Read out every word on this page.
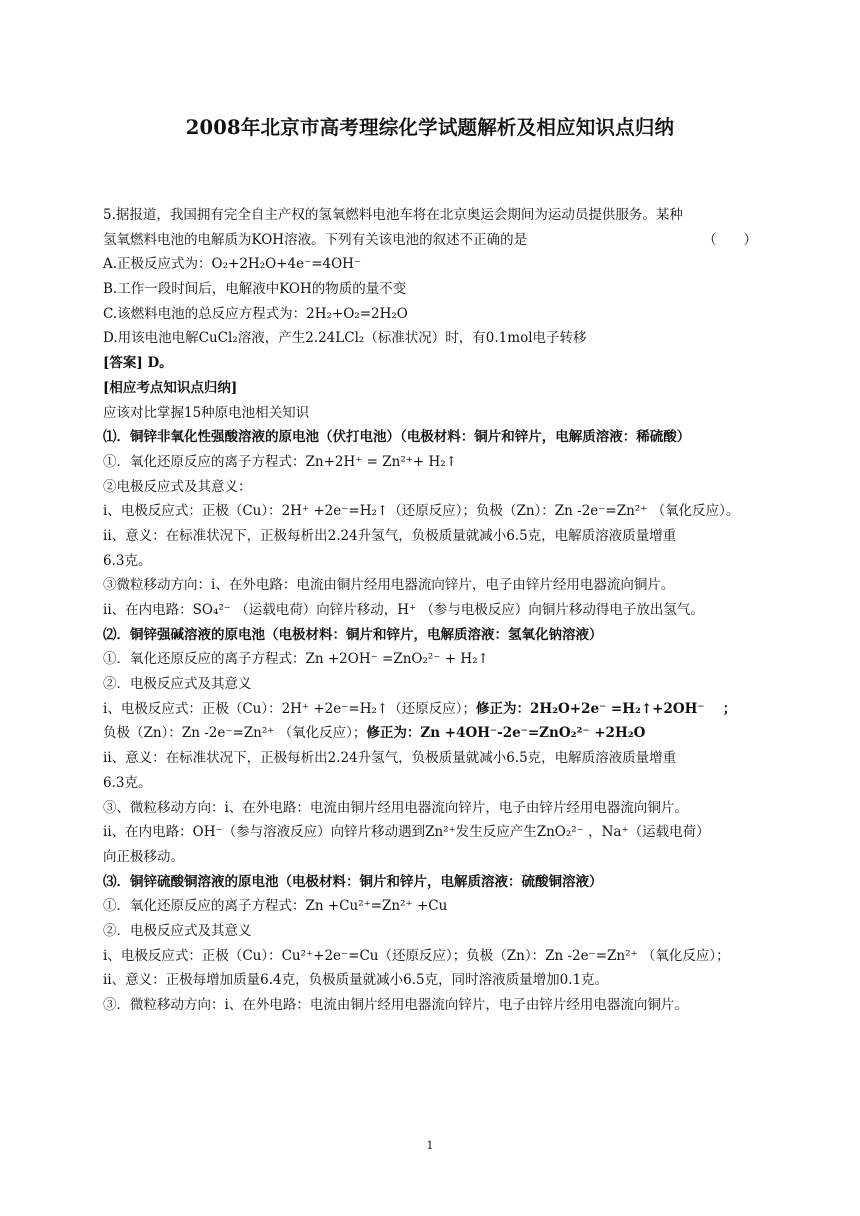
2008年北京市高考理综化学试题解析及相应知识点归纳
5.据报道，我国拥有完全自主产权的氢氧燃料电池车将在北京奥运会期间为运动员提供服务。某种
氢氧燃料电池的电解质为KOH溶液。下列有关该电池的叙述不正确的是	（　　）
A.正极反应式为：O₂+2H₂O+4e⁻=4OH⁻
B.工作一段时间后，电解液中KOH的物质的量不变
C.该燃料电池的总反应方程式为：2H₂+O₂=2H₂O
D.用该电池电解CuCl₂溶液，产生2.24LCl₂（标准状况）时，有0.1mol电子转移
[答案] D。
[相应考点知识点归纳]
应该对比掌握15种原电池相关知识
⑴．铜锌非氧化性强酸溶液的原电池（伏打电池）（电极材料：铜片和锌片，电解质溶液：稀硫酸）
①．氧化还原反应的离子方程式：Zn+2H⁺ = Zn²⁺+ H₂↑
②电极反应式及其意义：
ⅰ、电极反应式：正极（Cu）：2H⁺ +2e⁻=H₂↑（还原反应）；负极（Zn）：Zn -2e⁻=Zn²⁺ （氧化反应）。
ⅱ、意义：在标准状况下，正极每析出2.24升氢气，负极质量就减小6.5克，电解质溶液质量增重
6.3克。
③微粒移动方向：ⅰ、在外电路：电流由铜片经用电器流向锌片，电子由锌片经用电器流向铜片。
ⅱ、在内电路：SO₄²⁻ （运载电荷）向锌片移动，H⁺ （参与电极反应）向铜片移动得电子放出氢气。
⑵．铜锌强碱溶液的原电池（电极材料：铜片和锌片，电解质溶液：氢氧化钠溶液）
①．氧化还原反应的离子方程式：Zn +2OH⁻ =ZnO₂²⁻ + H₂↑
②．电极反应式及其意义
ⅰ、电极反应式：正极（Cu）：2H⁺ +2e⁻=H₂↑（还原反应）；修正为：2H₂O+2e⁻ =H₂↑+2OH⁻　 ；
负极（Zn）：Zn -2e⁻=Zn²⁺ （氧化反应）；修正为：Zn +4OH⁻-2e⁻=ZnO₂²⁻ +2H₂O
ⅱ、意义：在标准状况下，正极每析出2.24升氢气，负极质量就减小6.5克，电解质溶液质量增重
6.3克。
③、微粒移动方向：ⅰ、在外电路：电流由铜片经用电器流向锌片，电子由锌片经用电器流向铜片。
ⅱ、在内电路：OH⁻（参与溶液反应）向锌片移动遇到Zn²⁺发生反应产生ZnO₂²⁻ ，Na⁺（运载电荷）
向正极移动。
⑶．铜锌硫酸铜溶液的原电池（电极材料：铜片和锌片，电解质溶液：硫酸铜溶液）
①．氧化还原反应的离子方程式：Zn +Cu²⁺=Zn²⁺ +Cu
②．电极反应式及其意义
ⅰ、电极反应式：正极（Cu）：Cu²⁺+2e⁻=Cu（还原反应）；负极（Zn）：Zn -2e⁻=Zn²⁺ （氧化反应）；
ⅱ、意义：正极每增加质量6.4克，负极质量就减小6.5克，同时溶液质量增加0.1克。
③．微粒移动方向：ⅰ、在外电路：电流由铜片经用电器流向锌片，电子由锌片经用电器流向铜片。
1
